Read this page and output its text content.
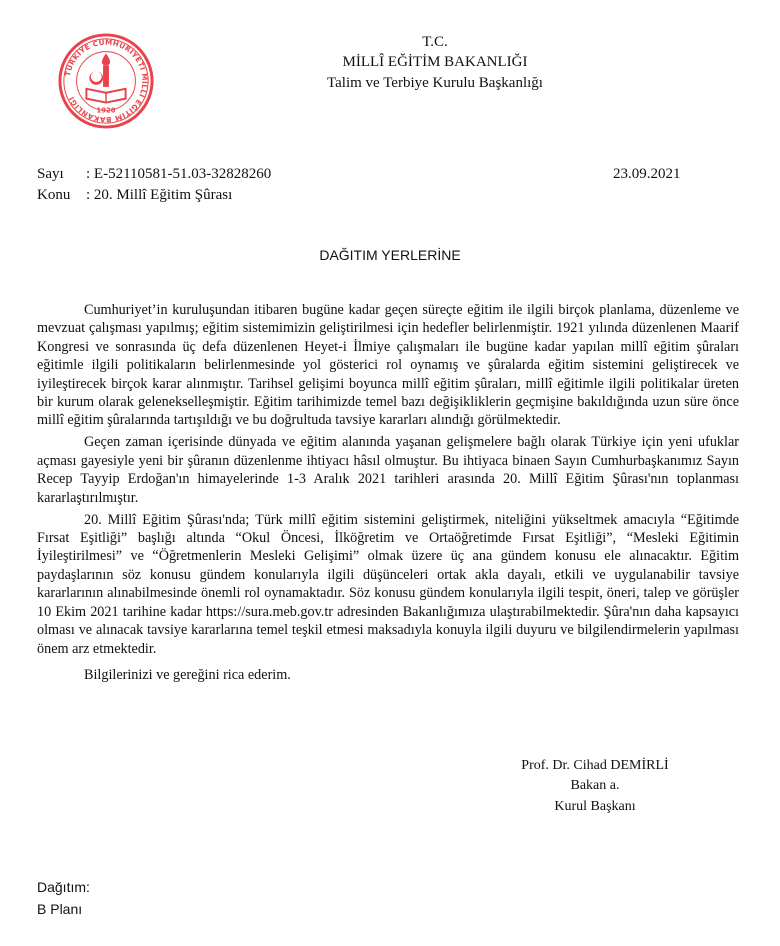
TÜRKİYE CUMHURİYETİ MİLLÎ EĞİTİM BAKANLIĞI
1920
T.C.
MİLLÎ EĞİTİM BAKANLIĞI
Talim ve Terbiye Kurulu Başkanlığı
Sayı : E-52110581-51.03-32828260	23.09.2021
Konu : 20. Millî Eğitim Şûrası
DAĞITIM YERLERİNE

Cumhuriyet’in kuruluşundan itibaren bugüne kadar geçen süreçte eğitim ile ilgili birçok planlama, düzenleme ve mevzuat çalışması yapılmış; eğitim sistemimizin geliştirilmesi için hedefler belirlenmiştir. 1921 yılında düzenlenen Maarif Kongresi ve sonrasında üç defa düzenlenen Heyet-i İlmiye çalışmaları ile bugüne kadar yapılan millî eğitim şûraları eğitimle ilgili politikaların belirlenmesinde yol gösterici rol oynamış ve şûralarda eğitim sistemini geliştirecek ve iyileştirecek birçok karar alınmıştır. Tarihsel gelişimi boyunca millî eğitim şûraları, millî eğitimle ilgili politikalar üreten bir kurum olarak gelenekselleşmiştir. Eğitim tarihimizde temel bazı değişikliklerin geçmişine bakıldığında uzun süre önce millî eğitim şûralarında tartışıldığı ve bu doğrultuda tavsiye kararları alındığı görülmektedir.

Geçen zaman içerisinde dünyada ve eğitim alanında yaşanan gelişmelere bağlı olarak Türkiye için yeni ufuklar açması gayesiyle yeni bir şûranın düzenlenme ihtiyacı hâsıl olmuştur. Bu ihtiyaca binaen Sayın Cumhurbaşkanımız Sayın Recep Tayyip Erdoğan'ın himayelerinde 1-3 Aralık 2021 tarihleri arasında 20. Millî Eğitim Şûrası'nın toplanması kararlaştırılmıştır.

20. Millî Eğitim Şûrası'nda; Türk millî eğitim sistemini geliştirmek, niteliğini yükseltmek amacıyla “Eğitimde Fırsat Eşitliği” başlığı altında “Okul Öncesi, İlköğretim ve Ortaöğretimde Fırsat Eşitliği”, “Mesleki Eğitimin İyileştirilmesi” ve “Öğretmenlerin Mesleki Gelişimi” olmak üzere üç ana gündem konusu ele alınacaktır. Eğitim paydaşlarının söz konusu gündem konularıyla ilgili düşünceleri ortak akla dayalı, etkili ve uygulanabilir tavsiye kararlarının alınabilmesinde önemli rol oynamaktadır. Söz konusu gündem konularıyla ilgili tespit, öneri, talep ve görüşler 10 Ekim 2021 tarihine kadar https://sura.meb.gov.tr adresinden Bakanlığımıza ulaştırabilmektedir. Şûra'nın daha kapsayıcı olması ve alınacak tavsiye kararlarına temel teşkil etmesi maksadıyla konuyla ilgili duyuru ve bilgilendirmelerin yapılması önem arz etmektedir.

Bilgilerinizi ve gereğini rica ederim.

Prof. Dr. Cihad DEMİRLİ
Bakan a.
Kurul Başkanı
Dağıtım:
B Planı
